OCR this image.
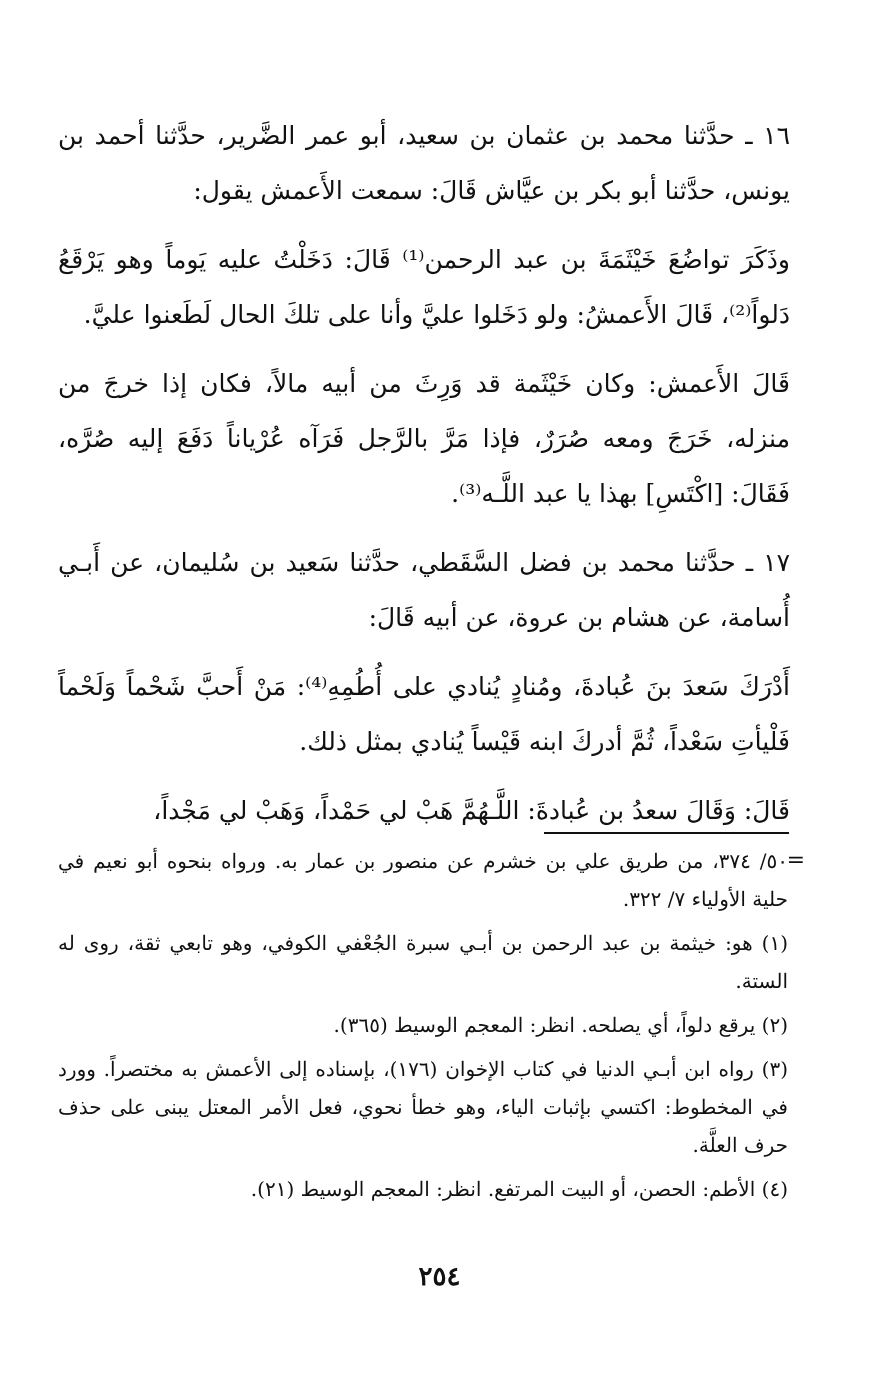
١٦ ـ حدَّثنا محمد بن عثمان بن سعيد، أبو عمر الضَّرير، حدَّثنا أحمد بن يونس، حدَّثنا أبو بكر بن عيَّاش قَالَ: سمعت الأَعمش يقول:

وذَكَرَ تواضُعَ خَيْثَمَةَ بن عبد الرحمن⁽¹⁾ قَالَ: دَخَلْتُ عليه يَوماً وهو يَرْقَعُ دَلواً⁽²⁾، قَالَ الأَعمشُ: ولو دَخَلوا عليَّ وأنا على تلكَ الحال لَطَعنوا عليَّ.

قَالَ الأَعمش: وكان خَيْثَمة قد وَرِثَ من أبيه مالاً، فكان إذا خرجَ من منزله، خَرَجَ ومعه صُرَرٌ، فإذا مَرَّ بالرَّجل فَرَآه عُرْياناً دَفَعَ إليه صُرَّه، فَقَالَ: [اكْتَسِ] بهذا يا عبد اللَّـه⁽³⁾.

١٧ ـ حدَّثنا محمد بن فضل السَّقَطي، حدَّثنا سَعيد بن سُليمان، عن أَبـي أُسامة، عن هشام بن عروة، عن أبيه قَالَ:

أَدْرَكَ سَعدَ بنَ عُبادةَ، ومُنادٍ يُنادي على أُطُمِهِ⁽⁴⁾: مَنْ أَحبَّ شَحْماً وَلَحْماً فَلْيأتِ سَعْداً، ثُمَّ أدركَ ابنه قَيْساً يُنادي بمثل ذلك.

قَالَ: وَقَالَ سعدُ بن عُبادةَ: اللَّـهُمَّ هَبْ لي حَمْداً، وَهَبْ لي مَجْداً،

=

٥٠/ ٣٧٤، من طريق علي بن خشرم عن منصور بن عمار به. ورواه بنحوه أبو نعيم في حلية الأولياء ٧/ ٣٢٢.

(١) هو: خيثمة بن عبد الرحمن بن أبـي سبرة الجُعْفي الكوفي، وهو تابعي ثقة، روى له الستة.

(٢) يرقع دلواً، أي يصلحه. انظر: المعجم الوسيط (٣٦٥).

(٣) رواه ابن أبـي الدنيا في كتاب الإخوان (١٧٦)، بإسناده إلى الأعمش به مختصراً. وورد في المخطوط: اكتسي بإثبات الياء، وهو خطأ نحوي، فعل الأمر المعتل يبنى على حذف حرف العلَّة.

(٤) الأطم: الحصن، أو البيت المرتفع. انظر: المعجم الوسيط (٢١).

٢٥٤
